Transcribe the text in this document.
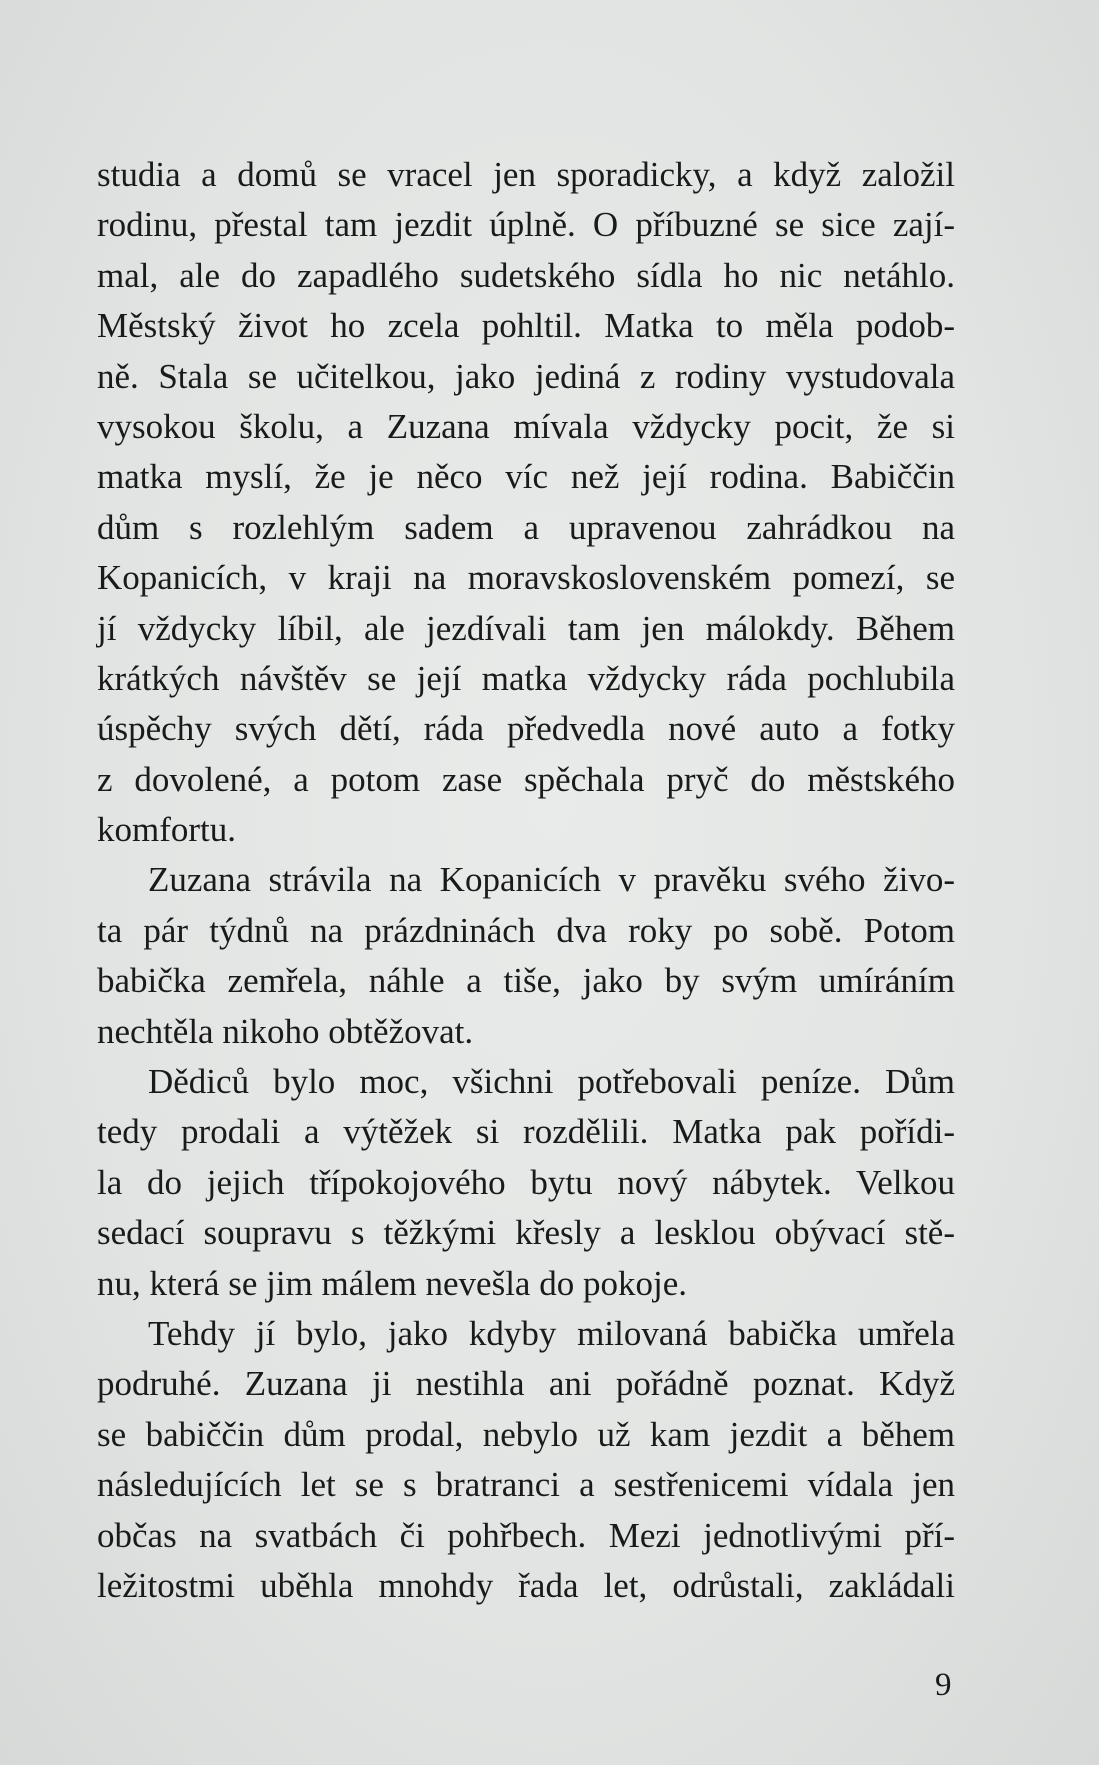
studia a domů se vracel jen sporadicky, a když založil
rodinu, přestal tam jezdit úplně. O příbuzné se sice zají-
mal, ale do zapadlého sudetského sídla ho nic netáhlo.
Městský život ho zcela pohltil. Matka to měla podob-
ně. Stala se učitelkou, jako jediná z rodiny vystudovala
vysokou školu, a Zuzana mívala vždycky pocit, že si
matka myslí, že je něco víc než její rodina. Babiččin
dům s rozlehlým sadem a upravenou zahrádkou na
Kopanicích, v kraji na moravskoslovenském pomezí, se
jí vždycky líbil, ale jezdívali tam jen málokdy. Během
krátkých návštěv se její matka vždycky ráda pochlubila
úspěchy svých dětí, ráda předvedla nové auto a fotky
z dovolené, a potom zase spěchala pryč do městského
komfortu.
Zuzana strávila na Kopanicích v pravěku svého živo-
ta pár týdnů na prázdninách dva roky po sobě. Potom
babička zemřela, náhle a tiše, jako by svým umíráním
nechtěla nikoho obtěžovat.
Dědiců bylo moc, všichni potřebovali peníze. Dům
tedy prodali a výtěžek si rozdělili. Matka pak pořídi-
la do jejich třípokojového bytu nový nábytek. Velkou
sedací soupravu s těžkými křesly a lesklou obývací stě-
nu, která se jim málem nevešla do pokoje.
Tehdy jí bylo, jako kdyby milovaná babička umřela
podruhé. Zuzana ji nestihla ani pořádně poznat. Když
se babiččin dům prodal, nebylo už kam jezdit a během
následujících let se s bratranci a sestřenicemi vídala jen
občas na svatbách či pohřbech. Mezi jednotlivými pří-
ležitostmi uběhla mnohdy řada let, odrůstali, zakládali
9
